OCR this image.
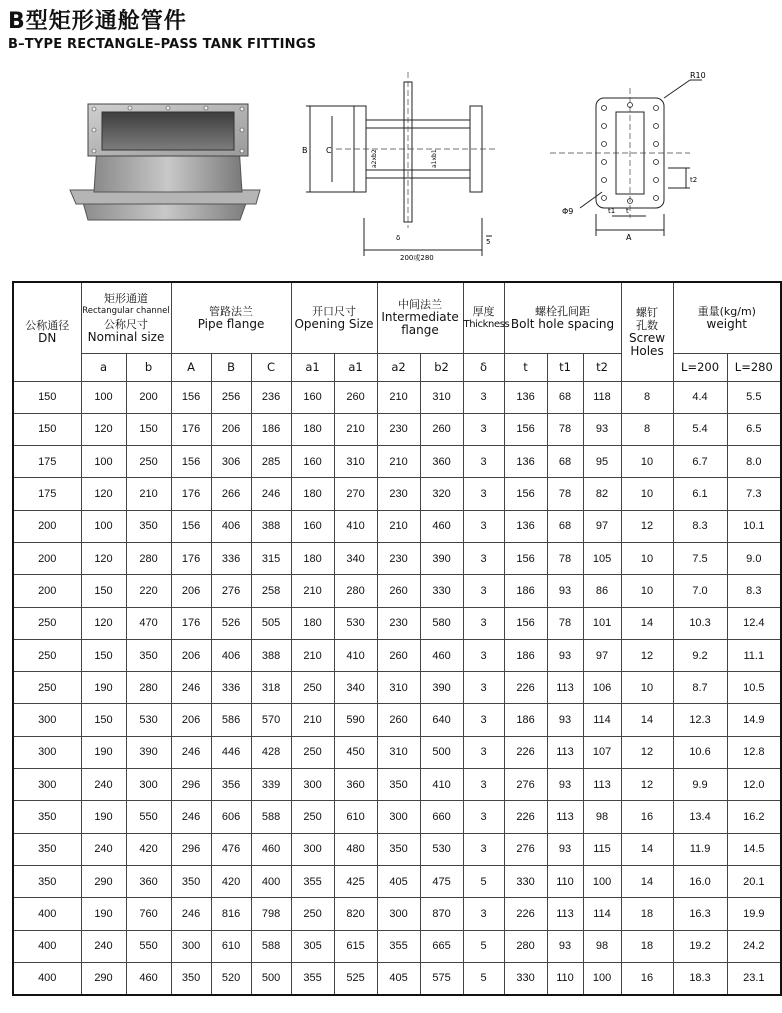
B型矩形通舱管件
B–TYPE RECTANGLE–PASS TANK FITTINGS
B C	a2xb2	a1xb1
δ	5
200或280
R10
Φ9	t1 t
A
t2
公称通径
DN	矩形通道
Rectangular channel
公称尺寸
Nominal size		管路法兰
Pipe flange			开口尺寸
Opening Size		中间法兰
Intermediate
flange		厚度
Thickness	螺栓孔间距
Bolt hole spacing			螺钉
孔数
Screw
Holes	重量(kg/m)
weight	

	a	b	A	B	C	a1	a1	a2	b2	δ	t	t1	t2		L=200	L=280
150	100	200	156	256	236	160	260	210	310	3	136	68	118	8	4.4	5.5
150	120	150	176	206	186	180	210	230	260	3	156	78	93	8	5.4	6.5
175	100	250	156	306	285	160	310	210	360	3	136	68	95	10	6.7	8.0
175	120	210	176	266	246	180	270	230	320	3	156	78	82	10	6.1	7.3
200	100	350	156	406	388	160	410	210	460	3	136	68	97	12	8.3	10.1
200	120	280	176	336	315	180	340	230	390	3	156	78	105	10	7.5	9.0
200	150	220	206	276	258	210	280	260	330	3	186	93	86	10	7.0	8.3
250	120	470	176	526	505	180	530	230	580	3	156	78	101	14	10.3	12.4
250	150	350	206	406	388	210	410	260	460	3	186	93	97	12	9.2	11.1
250	190	280	246	336	318	250	340	310	390	3	226	113	106	10	8.7	10.5
300	150	530	206	586	570	210	590	260	640	3	186	93	114	14	12.3	14.9
300	190	390	246	446	428	250	450	310	500	3	226	113	107	12	10.6	12.8
300	240	300	296	356	339	300	360	350	410	3	276	93	113	12	9.9	12.0
350	190	550	246	606	588	250	610	300	660	3	226	113	98	16	13.4	16.2
350	240	420	296	476	460	300	480	350	530	3	276	93	115	14	11.9	14.5
350	290	360	350	420	400	355	425	405	475	5	330	110	100	14	16.0	20.1
400	190	760	246	816	798	250	820	300	870	3	226	113	114	18	16.3	19.9
400	240	550	300	610	588	305	615	355	665	5	280	93	98	18	19.2	24.2
400	290	460	350	520	500	355	525	405	575	5	330	110	100	16	18.3	23.1
